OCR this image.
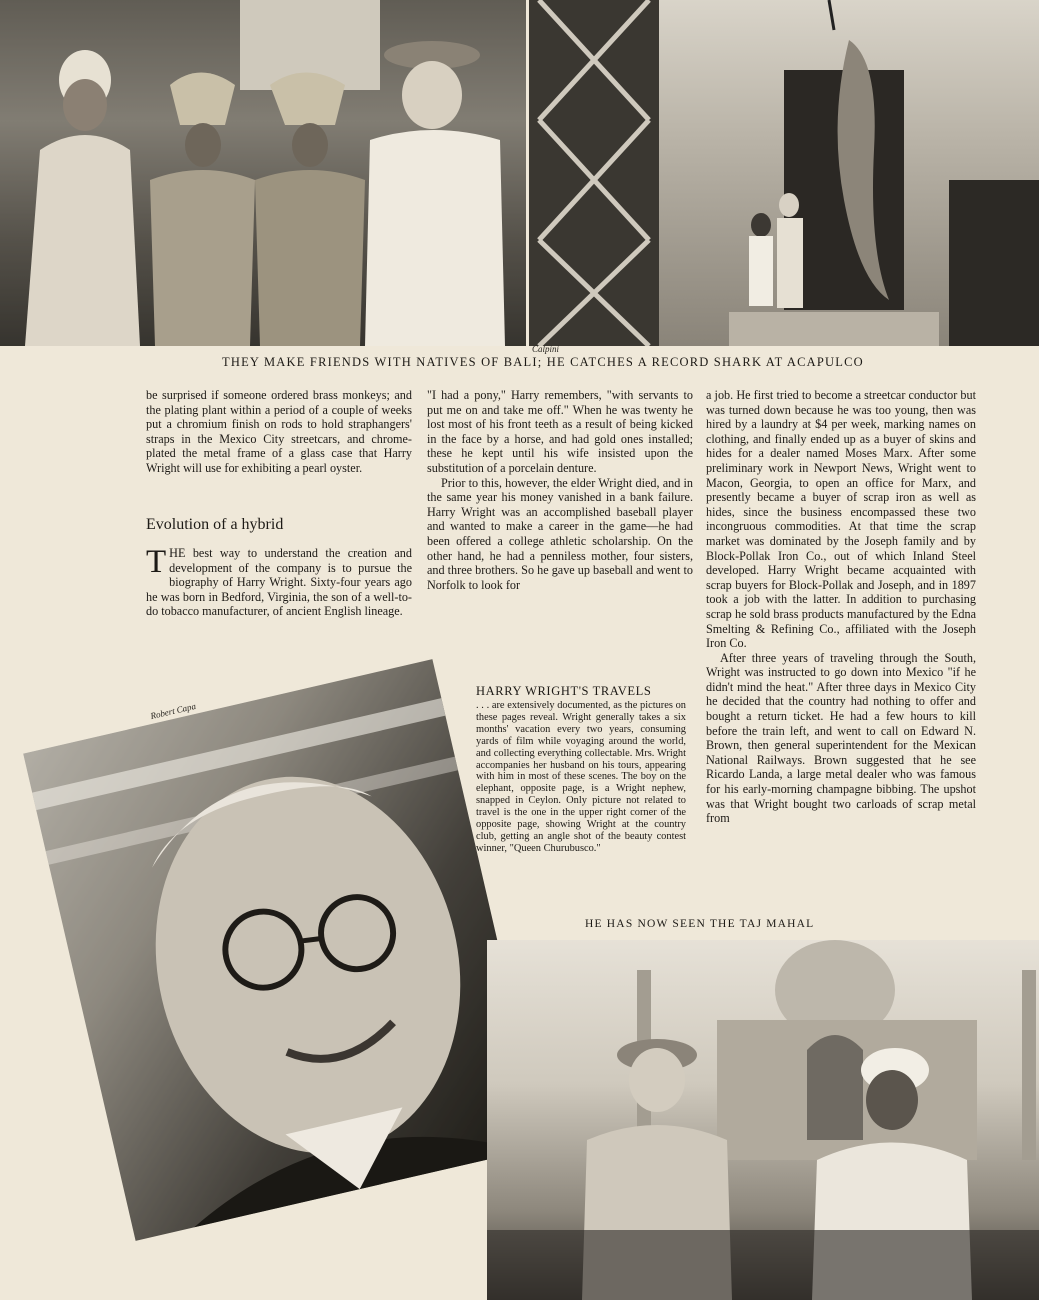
Calpini
THEY MAKE FRIENDS WITH NATIVES OF BALI; HE CATCHES A RECORD SHARK AT ACAPULCO

be surprised if someone ordered brass monkeys; and the plating plant within a period of a couple of weeks put a chromium finish on rods to hold straphangers' straps in the Mexico City streetcars, and chrome-plated the metal frame of a glass case that Harry Wright will use for exhibiting a pearl oyster.

Evolution of a hybrid

THE best way to understand the creation and development of the company is to pursue the biography of Harry Wright. Sixty-four years ago he was born in Bedford, Virginia, the son of a well-to-do tobacco manufacturer, of ancient English lineage.

"I had a pony," Harry remembers, "with servants to put me on and take me off." When he was twenty he lost most of his front teeth as a result of being kicked in the face by a horse, and had gold ones installed; these he kept until his wife insisted upon the substitution of a porcelain denture.

Prior to this, however, the elder Wright died, and in the same year his money vanished in a bank failure. Harry Wright was an accomplished baseball player and wanted to make a career in the game—he had been offered a college athletic scholarship. On the other hand, he had a penniless mother, four sisters, and three brothers. So he gave up baseball and went to Norfolk to look for

a job. He first tried to become a streetcar conductor but was turned down because he was too young, then was hired by a laundry at $4 per week, marking names on clothing, and finally ended up as a buyer of skins and hides for a dealer named Moses Marx. After some preliminary work in Newport News, Wright went to Macon, Georgia, to open an office for Marx, and presently became a buyer of scrap iron as well as hides, since the business encompassed these two incongruous commodities. At that time the scrap market was dominated by the Joseph family and by Block-Pollak Iron Co., out of which Inland Steel developed. Harry Wright became acquainted with scrap buyers for Block-Pollak and Joseph, and in 1897 took a job with the latter. In addition to purchasing scrap he sold brass products manufactured by the Edna Smelting & Refining Co., affiliated with the Joseph Iron Co.

After three years of traveling through the South, Wright was instructed to go down into Mexico "if he didn't mind the heat." After three days in Mexico City he decided that the country had nothing to offer and bought a return ticket. He had a few hours to kill before the train left, and went to call on Edward N. Brown, then general superintendent for the Mexican National Railways. Brown suggested that he see Ricardo Landa, a large metal dealer who was famous for his early-morning champagne bibbing. The upshot was that Wright bought two carloads of scrap metal from

HARRY WRIGHT'S TRAVELS
. . . are extensively documented, as the pictures on these pages reveal. Wright generally takes a six months' vacation every two years, consuming yards of film while voyaging around the world, and collecting everything collectable. Mrs. Wright accompanies her husband on his tours, appearing with him in most of these scenes. The boy on the elephant, opposite page, is a Wright nephew, snapped in Ceylon. Only picture not related to travel is the one in the upper right corner of the opposite page, showing Wright at the country club, getting an angle shot of the beauty contest winner, "Queen Churubusco."
Robert Capa
HE HAS NOW SEEN THE TAJ MAHAL
